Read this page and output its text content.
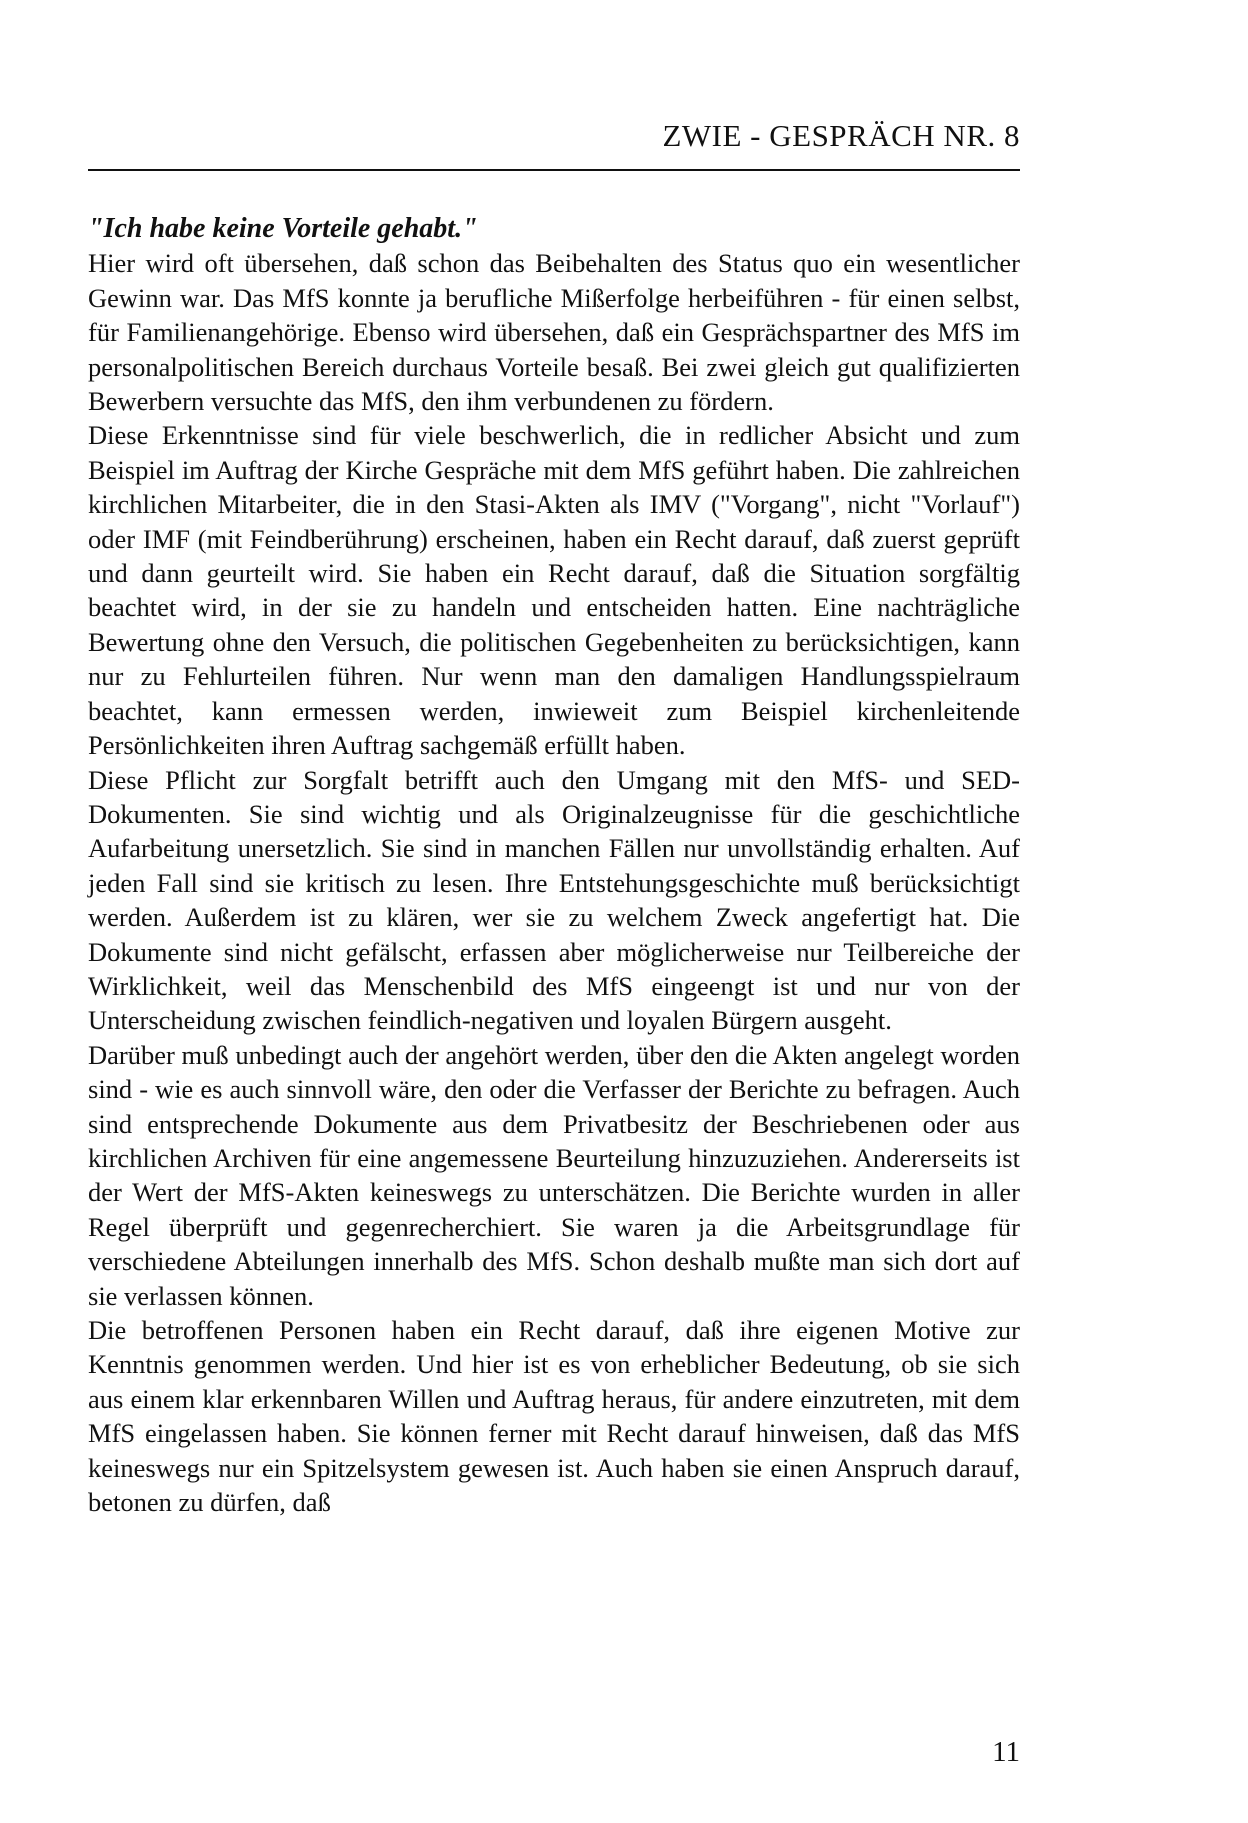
ZWIE - GESPRÄCH NR. 8

"Ich habe keine Vorteile gehabt."

Hier wird oft übersehen, daß schon das Beibehalten des Status quo ein wesentlicher Gewinn war. Das MfS konnte ja berufliche Mißerfolge herbeiführen - für einen selbst, für Familienangehörige. Ebenso wird übersehen, daß ein Gesprächspartner des MfS im personalpolitischen Bereich durchaus Vorteile besaß. Bei zwei gleich gut qualifizierten Bewerbern versuchte das MfS, den ihm verbundenen zu fördern.

Diese Erkenntnisse sind für viele beschwerlich, die in redlicher Absicht und zum Beispiel im Auftrag der Kirche Gespräche mit dem MfS geführt haben. Die zahlreichen kirchlichen Mitarbeiter, die in den Stasi-Akten als IMV ("Vorgang", nicht "Vorlauf") oder IMF (mit Feindberührung) erscheinen, haben ein Recht darauf, daß zuerst geprüft und dann geurteilt wird. Sie haben ein Recht darauf, daß die Situation sorgfältig beachtet wird, in der sie zu handeln und entscheiden hatten. Eine nachträgliche Bewertung ohne den Versuch, die politischen Gegebenheiten zu berücksichtigen, kann nur zu Fehlurteilen führen. Nur wenn man den damaligen Handlungsspielraum beachtet, kann ermessen werden, inwieweit zum Beispiel kirchenleitende Persönlichkeiten ihren Auftrag sachgemäß erfüllt haben.

Diese Pflicht zur Sorgfalt betrifft auch den Umgang mit den MfS- und SED-Dokumenten. Sie sind wichtig und als Originalzeugnisse für die geschichtliche Aufarbeitung unersetzlich. Sie sind in manchen Fällen nur unvollständig erhalten. Auf jeden Fall sind sie kritisch zu lesen. Ihre Entstehungsgeschichte muß berücksichtigt werden. Außerdem ist zu klären, wer sie zu welchem Zweck angefertigt hat. Die Dokumente sind nicht gefälscht, erfassen aber möglicherweise nur Teilbereiche der Wirklichkeit, weil das Menschenbild des MfS eingeengt ist und nur von der Unterscheidung zwischen feindlich-negativen und loyalen Bürgern ausgeht.

Darüber muß unbedingt auch der angehört werden, über den die Akten angelegt worden sind - wie es auch sinnvoll wäre, den oder die Verfasser der Berichte zu befragen. Auch sind entsprechende Dokumente aus dem Privatbesitz der Beschriebenen oder aus kirchlichen Archiven für eine angemessene Beurteilung hinzuzuziehen. Andererseits ist der Wert der MfS-Akten keineswegs zu unterschätzen. Die Berichte wurden in aller Regel überprüft und gegenrecherchiert. Sie waren ja die Arbeitsgrundlage für verschiedene Abteilungen innerhalb des MfS. Schon deshalb mußte man sich dort auf sie verlassen können.

Die betroffenen Personen haben ein Recht darauf, daß ihre eigenen Motive zur Kenntnis genommen werden. Und hier ist es von erheblicher Bedeutung, ob sie sich aus einem klar erkennbaren Willen und Auftrag heraus, für andere einzutreten, mit dem MfS eingelassen haben. Sie können ferner mit Recht darauf hinweisen, daß das MfS keineswegs nur ein Spitzelsystem gewesen ist. Auch haben sie einen Anspruch darauf, betonen zu dürfen, daß

11
